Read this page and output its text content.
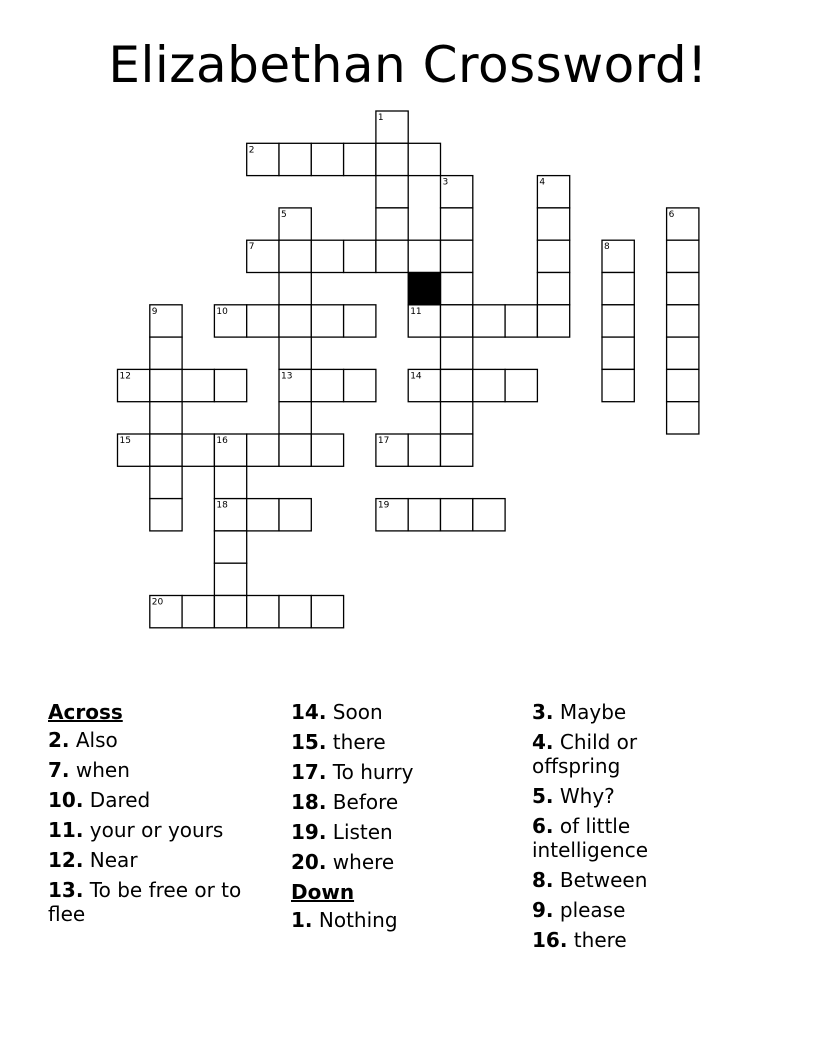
Elizabethan Crossword!
1
2
3	4
5	6
7	8
9	10	11
12	13	14
15	16	17
18	19
20
Across
2. Also
7. when
10. Dared
11. your or yours
12. Near
13. To be free or to flee
14. Soon
15. there
17. To hurry
18. Before
19. Listen
20. where
Down
1. Nothing
3. Maybe
4. Child or offspring
5. Why?
6. of little intelligence
8. Between
9. please
16. there
